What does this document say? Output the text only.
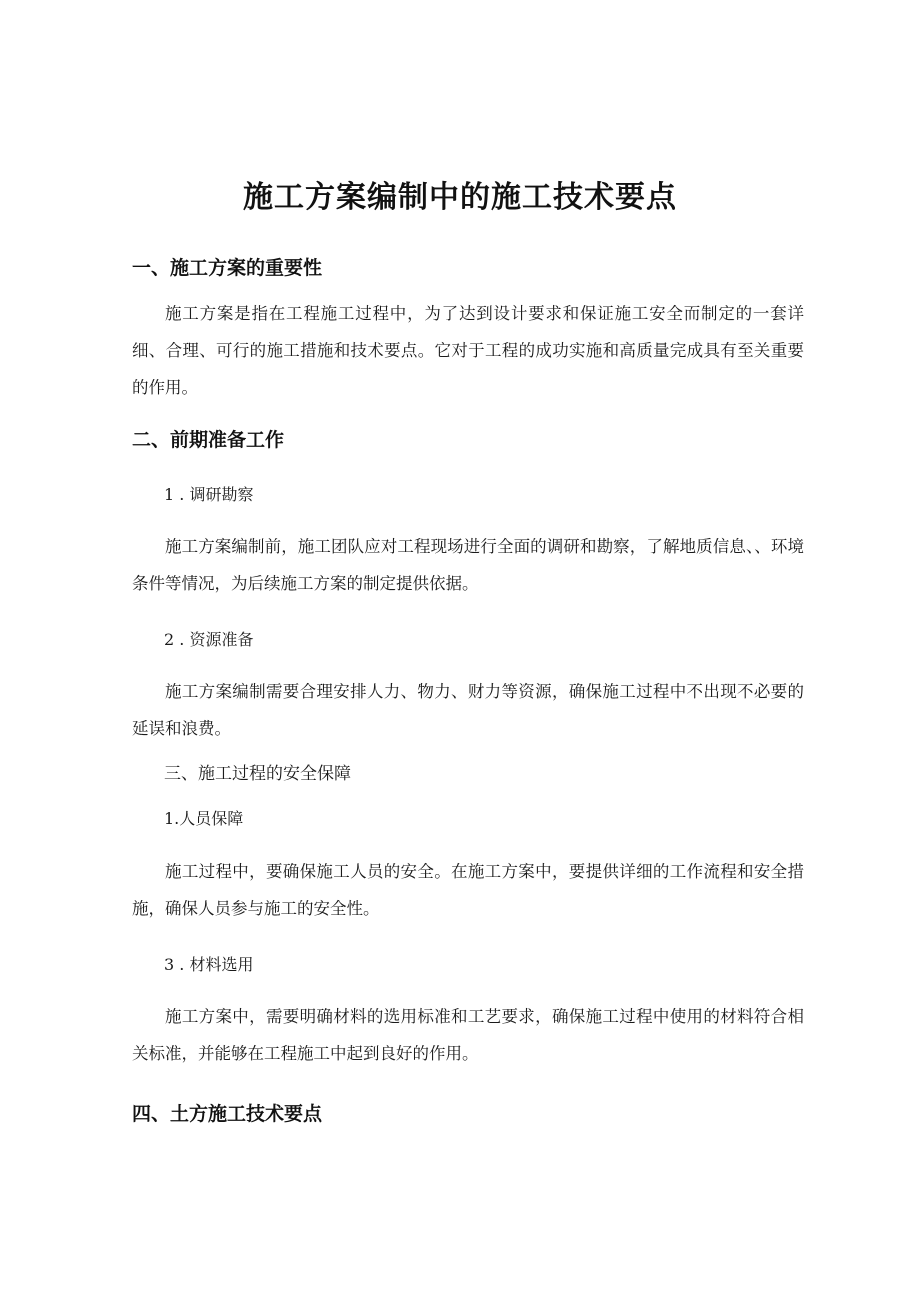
施工方案编制中的施工技术要点
一、施工方案的重要性
施工方案是指在工程施工过程中，为了达到设计要求和保证施工安全而制定的一套详细、合理、可行的施工措施和技术要点。它对于工程的成功实施和高质量完成具有至关重要的作用。
二、前期准备工作
1 . 调研勘察
施工方案编制前，施工团队应对工程现场进行全面的调研和勘察，了解地质信息、、环境条件等情况，为后续施工方案的制定提供依据。
2 . 资源准备
施工方案编制需要合理安排人力、物力、财力等资源，确保施工过程中不出现不必要的延误和浪费。
三、施工过程的安全保障
1.人员保障
施工过程中，要确保施工人员的安全。在施工方案中，要提供详细的工作流程和安全措施，确保人员参与施工的安全性。
3 . 材料选用
施工方案中，需要明确材料的选用标准和工艺要求，确保施工过程中使用的材料符合相关标准，并能够在工程施工中起到良好的作用。
四、土方施工技术要点
